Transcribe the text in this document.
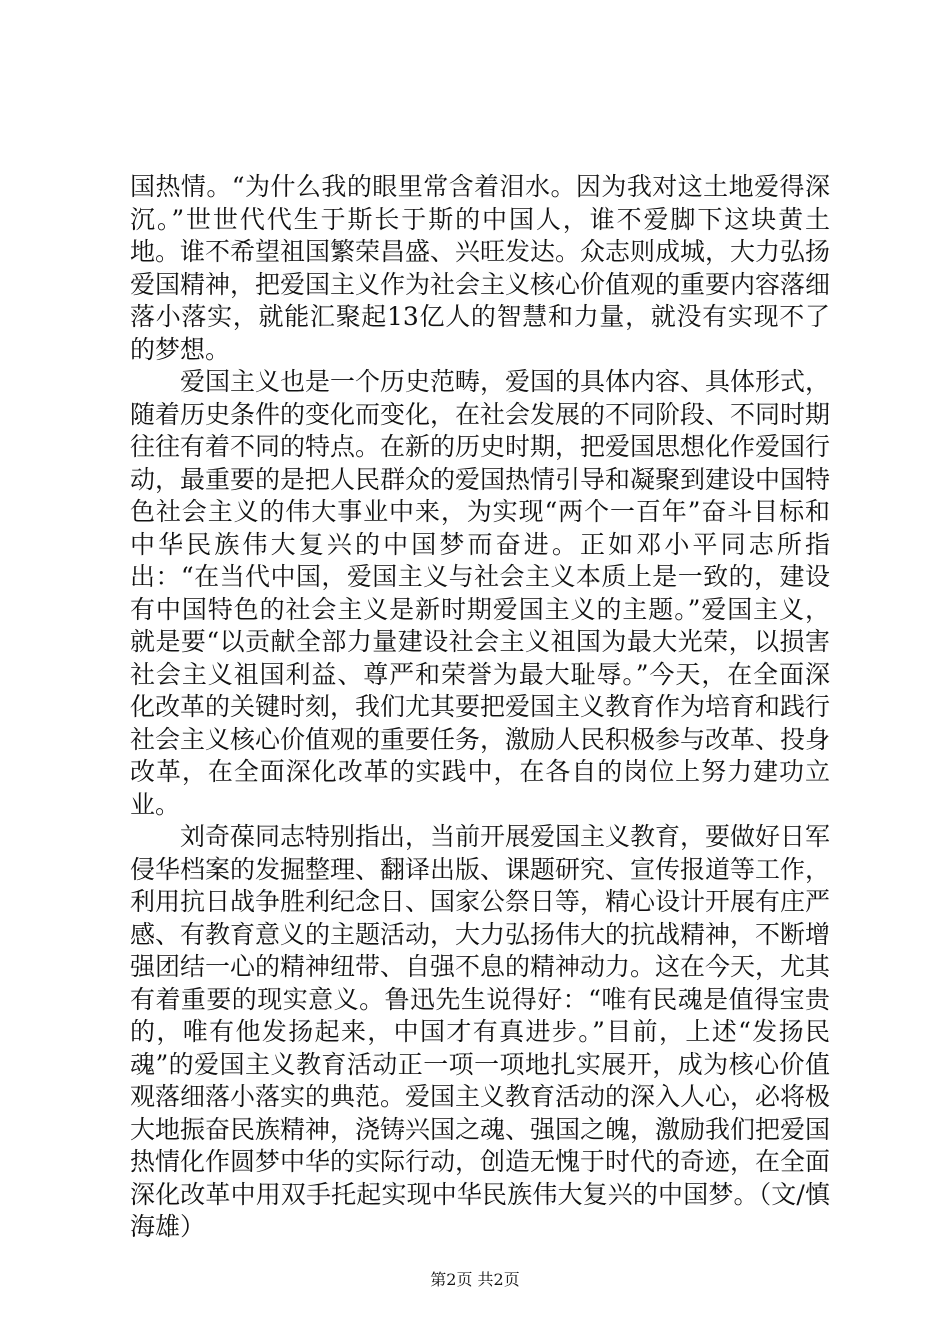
国热情。“为什么我的眼里常含着泪水。因为我对这土地爱得深沉。”世世代代生于斯长于斯的中国人，谁不爱脚下这块黄土地。谁不希望祖国繁荣昌盛、兴旺发达。众志则成城，大力弘扬爱国精神，把爱国主义作为社会主义核心价值观的重要内容落细落小落实，就能汇聚起13亿人的智慧和力量，就没有实现不了的梦想。

爱国主义也是一个历史范畴，爱国的具体内容、具体形式，随着历史条件的变化而变化，在社会发展的不同阶段、不同时期往往有着不同的特点。在新的历史时期，把爱国思想化作爱国行动，最重要的是把人民群众的爱国热情引导和凝聚到建设中国特色社会主义的伟大事业中来，为实现“两个一百年”奋斗目标和中华民族伟大复兴的中国梦而奋进。正如邓小平同志所指出：“在当代中国，爱国主义与社会主义本质上是一致的，建设有中国特色的社会主义是新时期爱国主义的主题。”爱国主义，就是要“以贡献全部力量建设社会主义祖国为最大光荣，以损害社会主义祖国利益、尊严和荣誉为最大耻辱。”今天，在全面深化改革的关键时刻，我们尤其要把爱国主义教育作为培育和践行社会主义核心价值观的重要任务，激励人民积极参与改革、投身改革，在全面深化改革的实践中，在各自的岗位上努力建功立业。

刘奇葆同志特别指出，当前开展爱国主义教育，要做好日军侵华档案的发掘整理、翻译出版、课题研究、宣传报道等工作，利用抗日战争胜利纪念日、国家公祭日等，精心设计开展有庄严感、有教育意义的主题活动，大力弘扬伟大的抗战精神，不断增强团结一心的精神纽带、自强不息的精神动力。这在今天，尤其有着重要的现实意义。鲁迅先生说得好：“唯有民魂是值得宝贵的，唯有他发扬起来，中国才有真进步。”目前，上述“发扬民魂”的爱国主义教育活动正一项一项地扎实展开，成为核心价值观落细落小落实的典范。爱国主义教育活动的深入人心，必将极大地振奋民族精神，浇铸兴国之魂、强国之魄，激励我们把爱国热情化作圆梦中华的实际行动，创造无愧于时代的奇迹，在全面深化改革中用双手托起实现中华民族伟大复兴的中国梦。（文/慎海雄）

第2页 共2页
